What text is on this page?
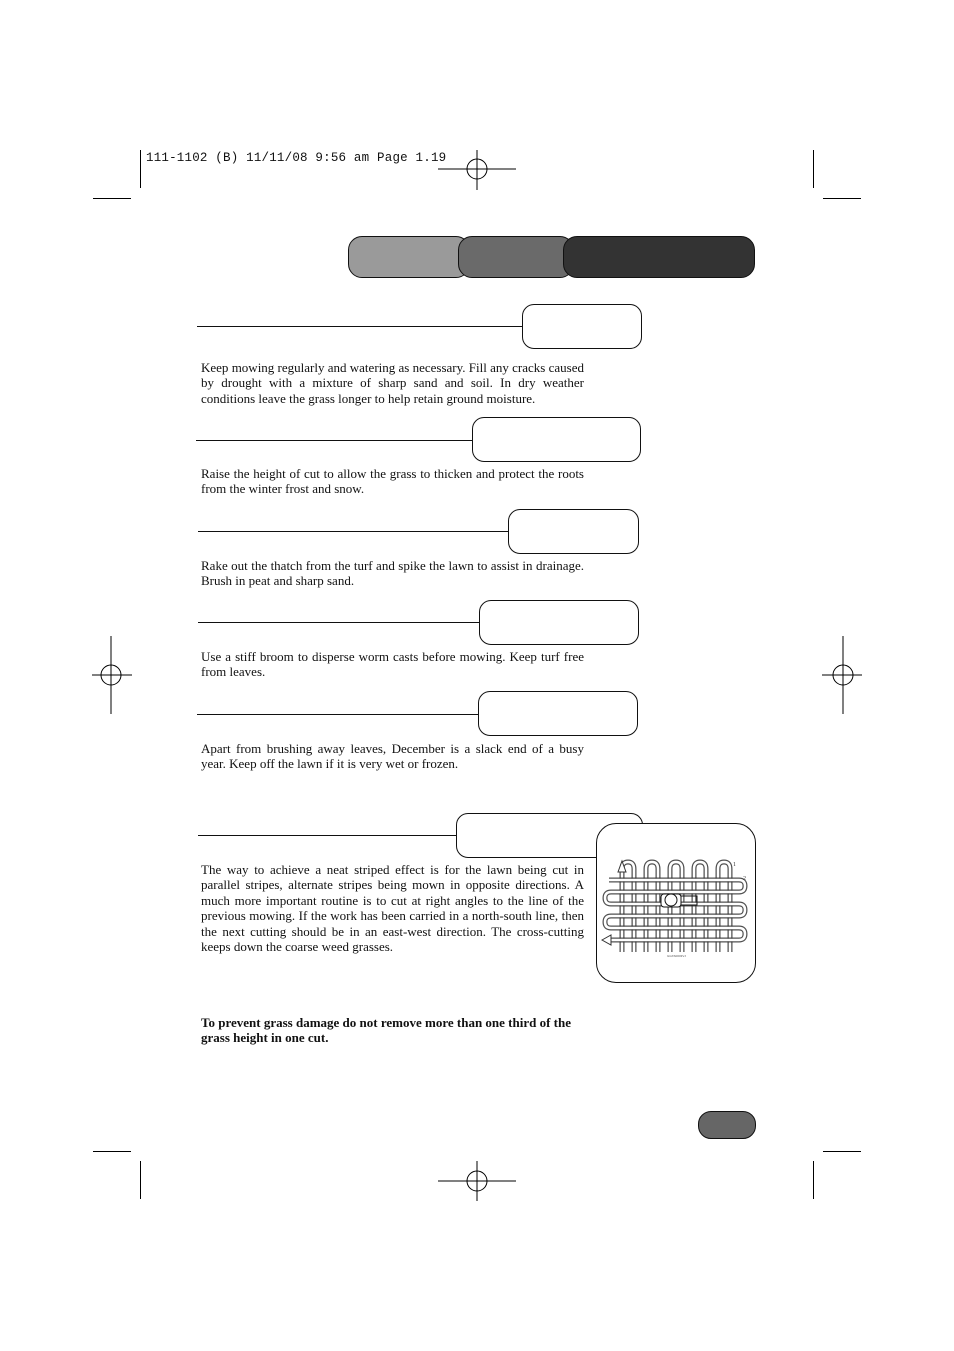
111-1102 (B) 11/11/08 9:56 am Page 1.19
Keep mowing regularly and watering as necessary. Fill any cracks caused by drought with a mixture of sharp sand and soil. In dry weather conditions leave the grass longer to help retain ground moisture.
Raise the height of cut to allow the grass to thicken and protect the roots from the winter frost and snow.
Rake out the thatch from the turf and spike the lawn to assist in drainage. Brush in peat and sharp sand.
Use a stiff broom to disperse worm casts before mowing. Keep turf free from leaves.
Apart from brushing away leaves, December is a slack end of a busy year. Keep off the lawn if it is very wet or frozen.
The way to achieve a neat striped effect is for the lawn being cut in parallel stripes, alternate stripes being mown in opposite directions. A much more important routine is to cut at right angles to the line of the previous mowing. If the work has been carried in a north-south line, then the next cutting should be in an east-west direction. The cross-cutting keeps down the coarse weed grasses.
1
2
GGXS0003VJ
To prevent grass damage do not remove more than one third of the grass height in one cut.
